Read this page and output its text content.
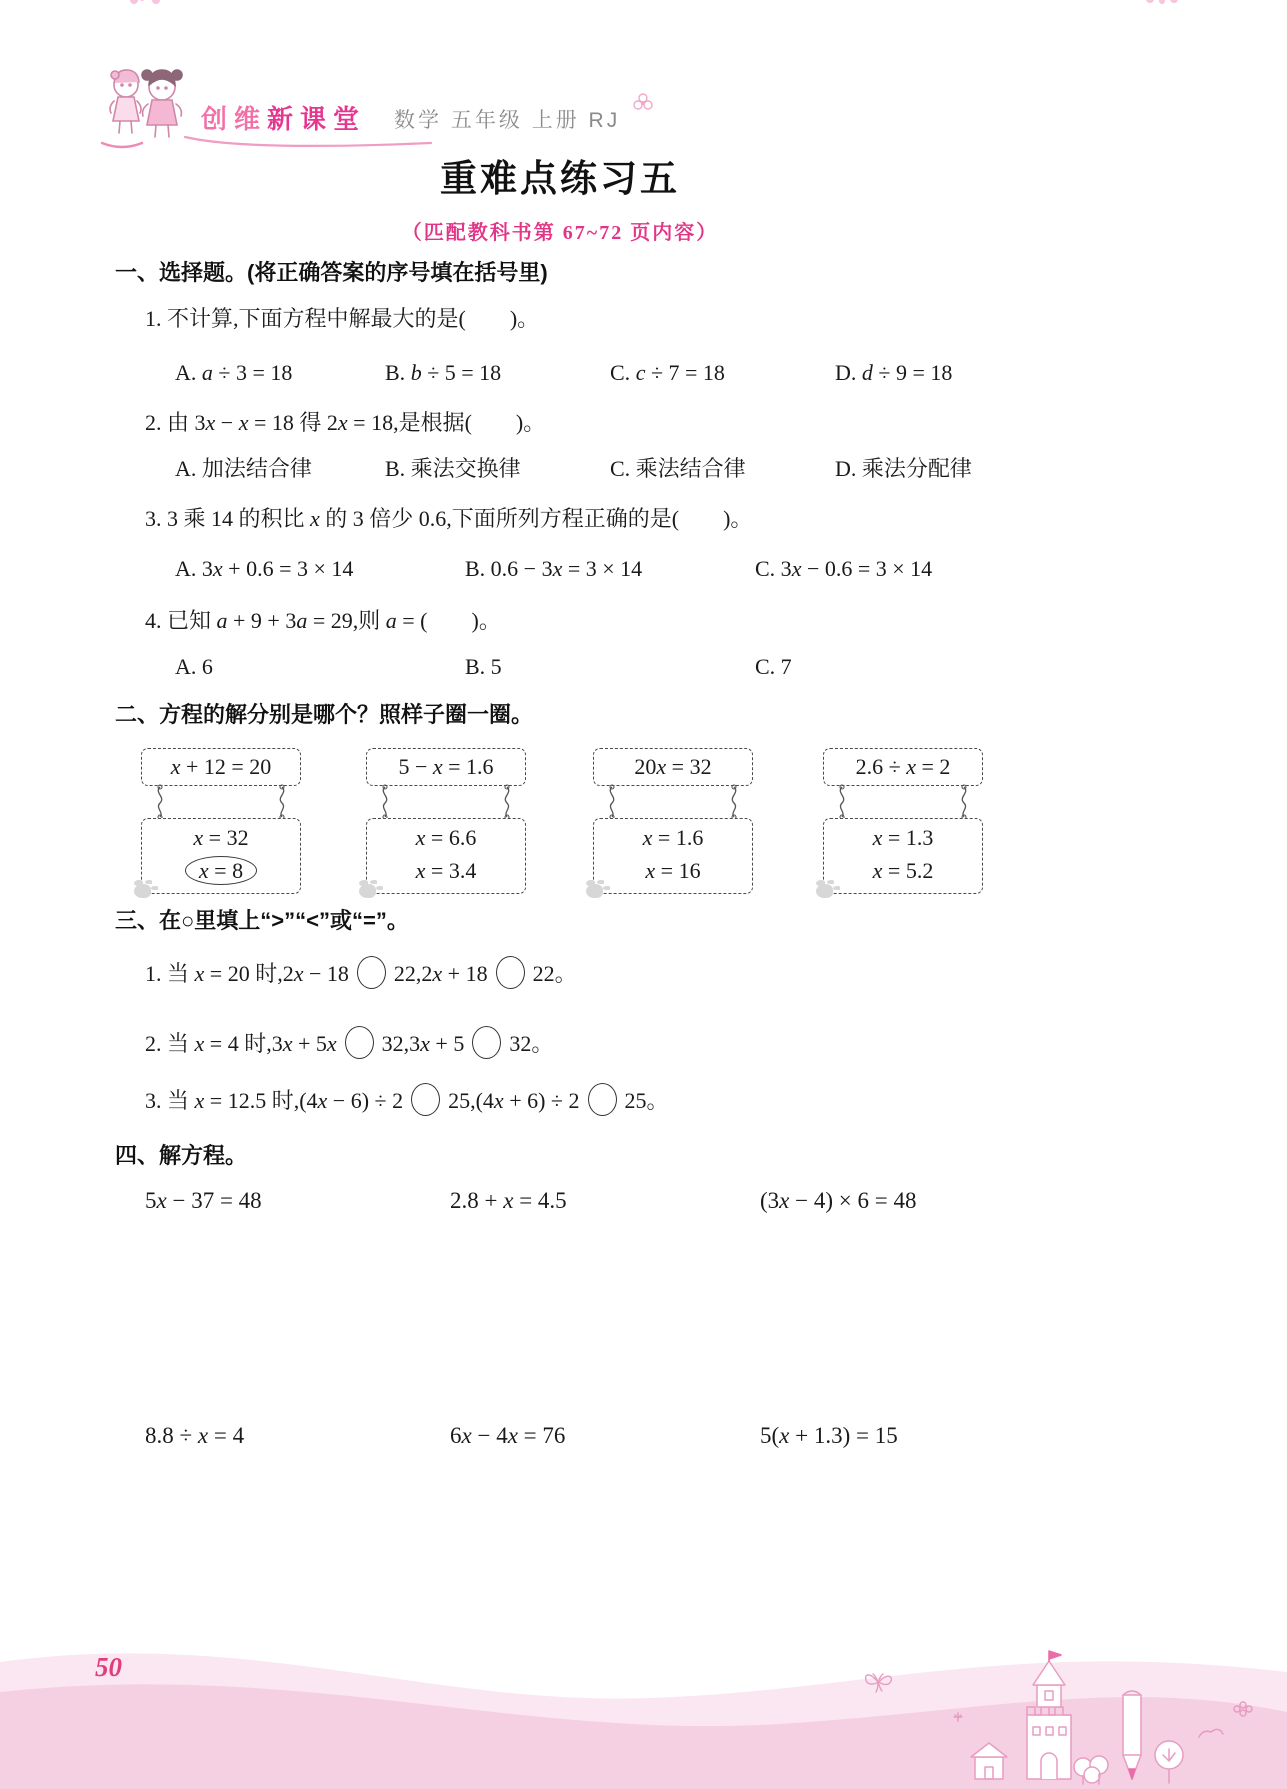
创维新课堂 数学 五年级 上册 RJ
重难点练习五
（匹配教科书第 67~72 页内容）
一、选择题。(将正确答案的序号填在括号里)
1. 不计算,下面方程中解最大的是(　　)。
A. a ÷ 3 = 18	B. b ÷ 5 = 18	C. c ÷ 7 = 18	D. d ÷ 9 = 18
2. 由 3x − x = 18 得 2x = 18,是根据(　　)。
A. 加法结合律	B. 乘法交换律	C. 乘法结合律	D. 乘法分配律
3. 3 乘 14 的积比 x 的 3 倍少 0.6,下面所列方程正确的是(　　)。
A. 3x + 0.6 = 3 × 14	B. 0.6 − 3x = 3 × 14	C. 3x − 0.6 = 3 × 14
4. 已知 a + 9 + 3a = 29,则 a = (　　)。
A. 6	B. 5	C. 7
二、方程的解分别是哪个？照样子圈一圈。
x + 12 = 20
x = 32
x = 8
5 − x = 1.6
x = 6.6
x = 3.4
20x = 32
x = 1.6
x = 16
2.6 ÷ x = 2
x = 1.3
x = 5.2
三、在○里填上“>”“<”或“=”。
1. 当 x = 20 时,2x − 18 22,2x + 18 22。
2. 当 x = 4 时,3x + 5x 32,3x + 5 32。
3. 当 x = 12.5 时,(4x − 6) ÷ 2 25,(4x + 6) ÷ 2 25。
四、解方程。
5x − 37 = 48	2.8 + x = 4.5	(3x − 4) × 6 = 48
8.8 ÷ x = 4	6x − 4x = 76	5(x + 1.3) = 15
50
